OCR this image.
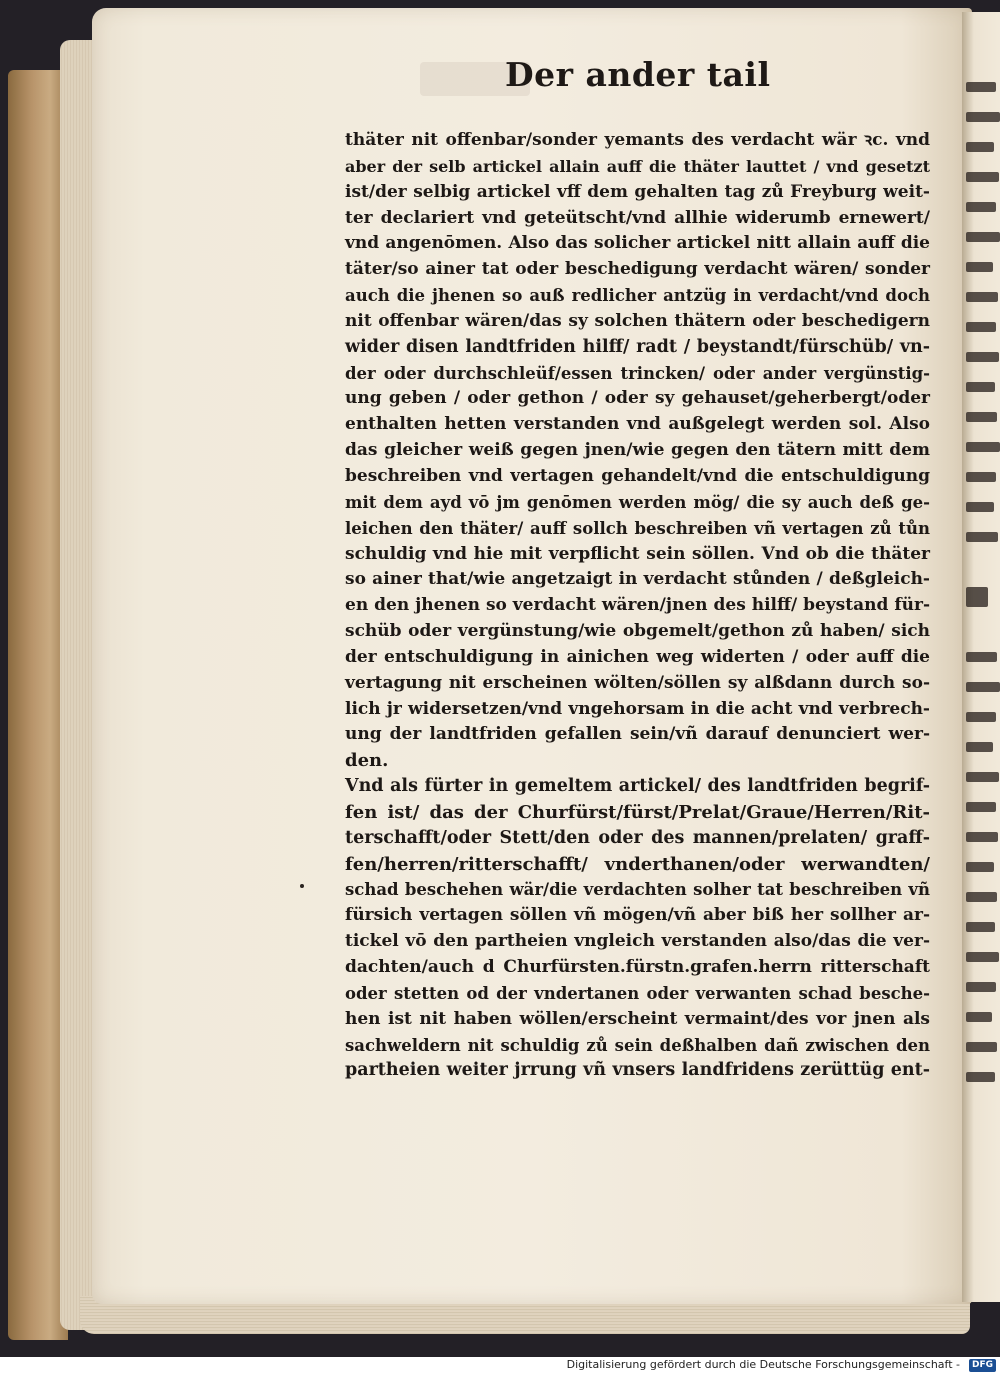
Der ander tail
thäter nit offenbar/sonder yemants des verdacht wär ꝛc. vnd
aber der selb artickel allain auff die thäter lauttet / vnd gesetzt
ist/der selbig artickel vff dem gehalten tag zů Freyburg weit-
ter declariert vnd geteütscht/vnd allhie widerumb ernewert/
vnd angenōmen. Also das solicher artickel nitt allain auff die
täter/so ainer tat oder beschedigung verdacht wären/ sonder
auch die jhenen so auß redlicher antzüg in verdacht/vnd doch
nit offenbar wären/das sy solchen thätern oder beschedigern
wider disen landtfriden hilff/ radt / beystandt/fürschüb/ vn-
der oder durchschleüf/essen trincken/ oder ander vergünstig-
ung geben / oder gethon / oder sy gehauset/geherbergt/oder
enthalten hetten verstanden vnd außgelegt werden sol. Also
das gleicher weiß gegen jnen/wie gegen den tätern mitt dem
beschreiben vnd vertagen gehandelt/vnd die entschuldigung
mit dem ayd vō jm genōmen werden mög/ die sy auch deß ge-
leichen den thäter/ auff sollch beschreiben vñ vertagen zů tůn
schuldig vnd hie mit verpflicht sein söllen. Vnd ob die thäter
so ainer that/wie angetzaigt in verdacht stůnden / deßgleich-
en den jhenen so verdacht wären/jnen des hilff/ beystand für-
schüb oder vergünstung/wie obgemelt/gethon zů haben/ sich
der entschuldigung in ainichen weg widerten / oder auff die
vertagung nit erscheinen wölten/söllen sy alßdann durch so-
lich jr widersetzen/vnd vngehorsam in die acht vnd verbrech-
ung der landtfriden gefallen sein/vñ darauf denunciert wer-
den.
Vnd als fürter in gemeltem artickel/ des landtfriden begrif-
fen ist/ das der Churfürst/fürst/Prelat/Graue/Herren/Rit-
terschafft/oder Stett/den oder des mannen/prelaten/ graff-
fen/herren/ritterschafft/ vnderthanen/oder werwandten/
schad beschehen wär/die verdachten solher tat beschreiben vñ
fürsich vertagen söllen vñ mögen/vñ aber biß her sollher ar-
tickel vō den partheien vngleich verstanden also/das die ver-
dachten/auch d Churfürsten.fürstn.grafen.herrn ritterschaft
oder stetten od der vndertanen oder verwanten schad besche-
hen ist nit haben wöllen/erscheint vermaint/des vor jnen als
sachweldern nit schuldig zů sein deßhalben dañ zwischen den
partheien weiter jrrung vñ vnsers landfridens zerüttüg ent-
Digitalisierung gefördert durch die Deutsche Forschungsgemeinschaft -	DFG
